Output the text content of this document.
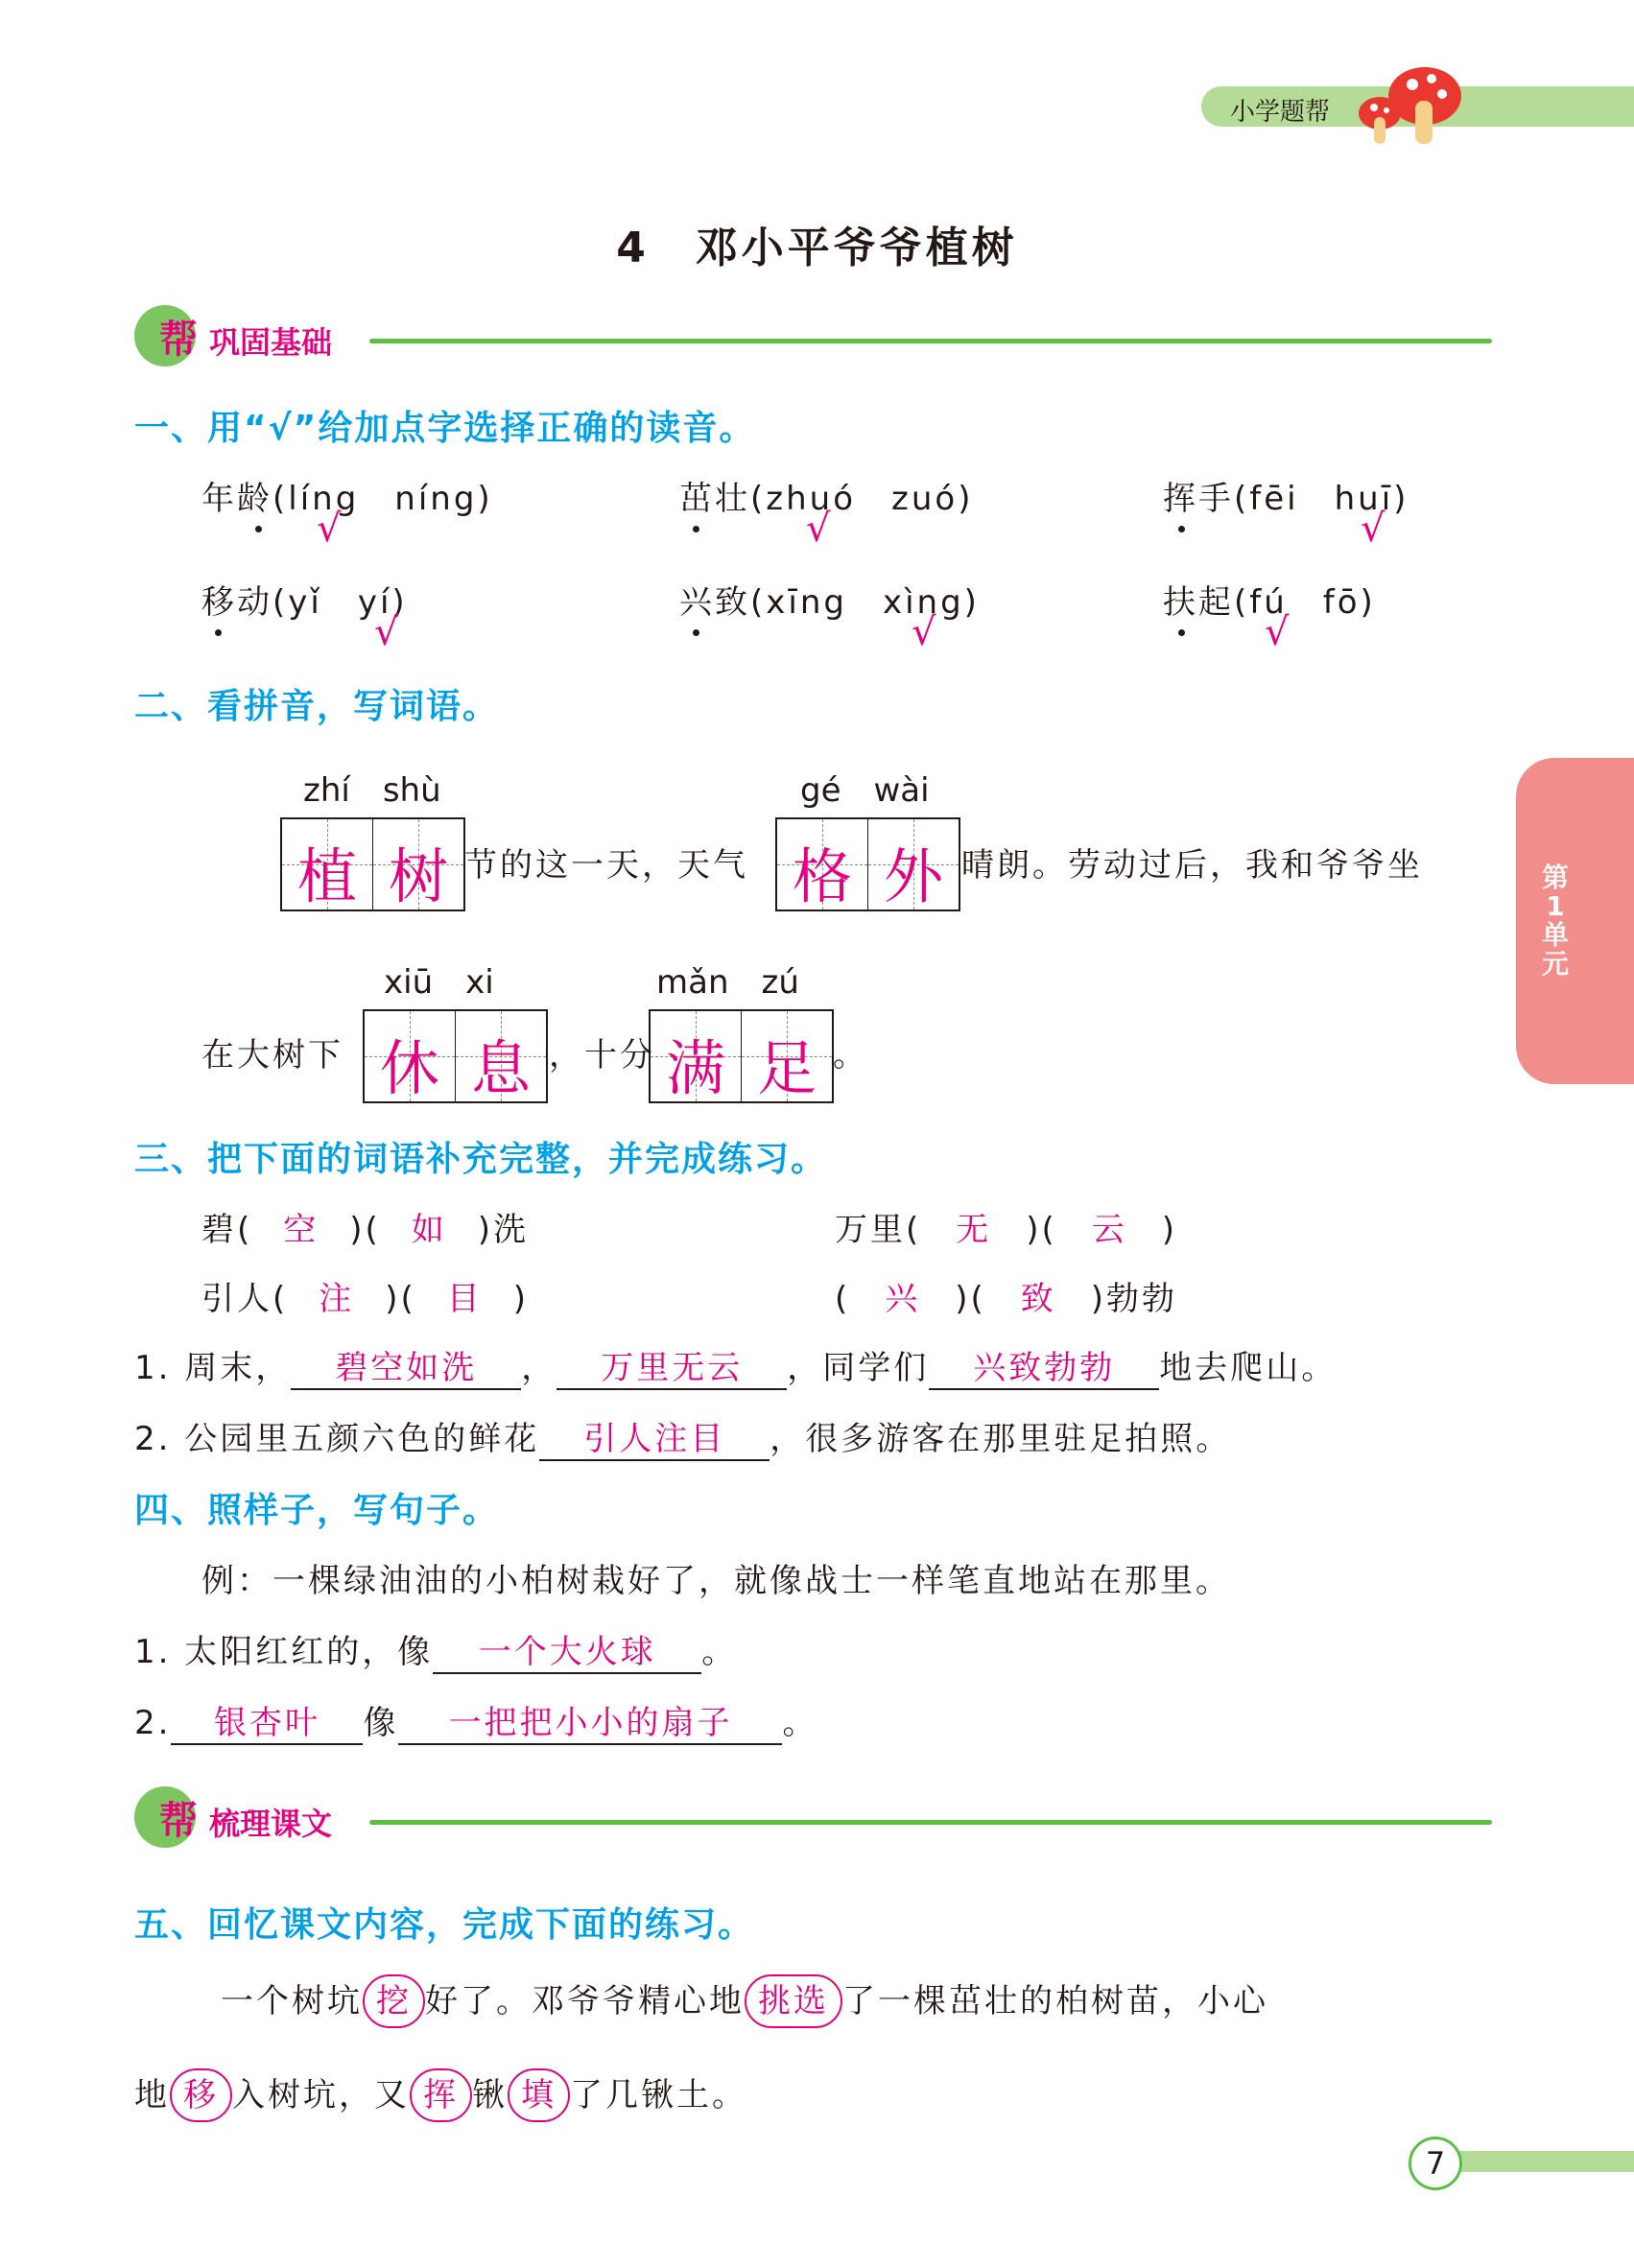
小学题帮
4　邓小平爷爷植树
帮 巩固基础
一、用“√”给加点字选择正确的读音。
年龄(líng　níng)
√
茁壮(zhuó　zuó)
√
挥手(fēi　huī)
√
移动(yǐ　yí)
√
兴致(xīng　xìng)
√
扶起(fú　fō)
√
二、看拼音，写词语。
zhí　shù
植 树 节的这一天，天气
gé　wài
格 外 晴朗。劳动过后，我和爷爷坐
在大树下
xiū　xi
休 息 ，十分
mǎn　zú
满 足 。
第1单元
三、把下面的词语补充完整，并完成练习。
碧( 空 )( 如 )洗	万里( 无 )( 云 )
引人( 注 )( 目 )	( 兴 )( 致 )勃勃
1. 周末， 碧空如洗 ， 万里无云 ，同学们 兴致勃勃 地去爬山。
2. 公园里五颜六色的鲜花 引人注目 ，很多游客在那里驻足拍照。
四、照样子，写句子。
例：一棵绿油油的小柏树栽好了，就像战士一样笔直地站在那里。
1. 太阳红红的，像 一个大火球 。
2. 银杏叶 像 一把把小小的扇子 。
帮 梳理课文
五、回忆课文内容，完成下面的练习。
一个树坑 挖 好了。邓爷爷精心地 挑选 了一棵茁壮的柏树苗，小心
地 移 入树坑，又 挥 锹 填 了几锹土。
7
